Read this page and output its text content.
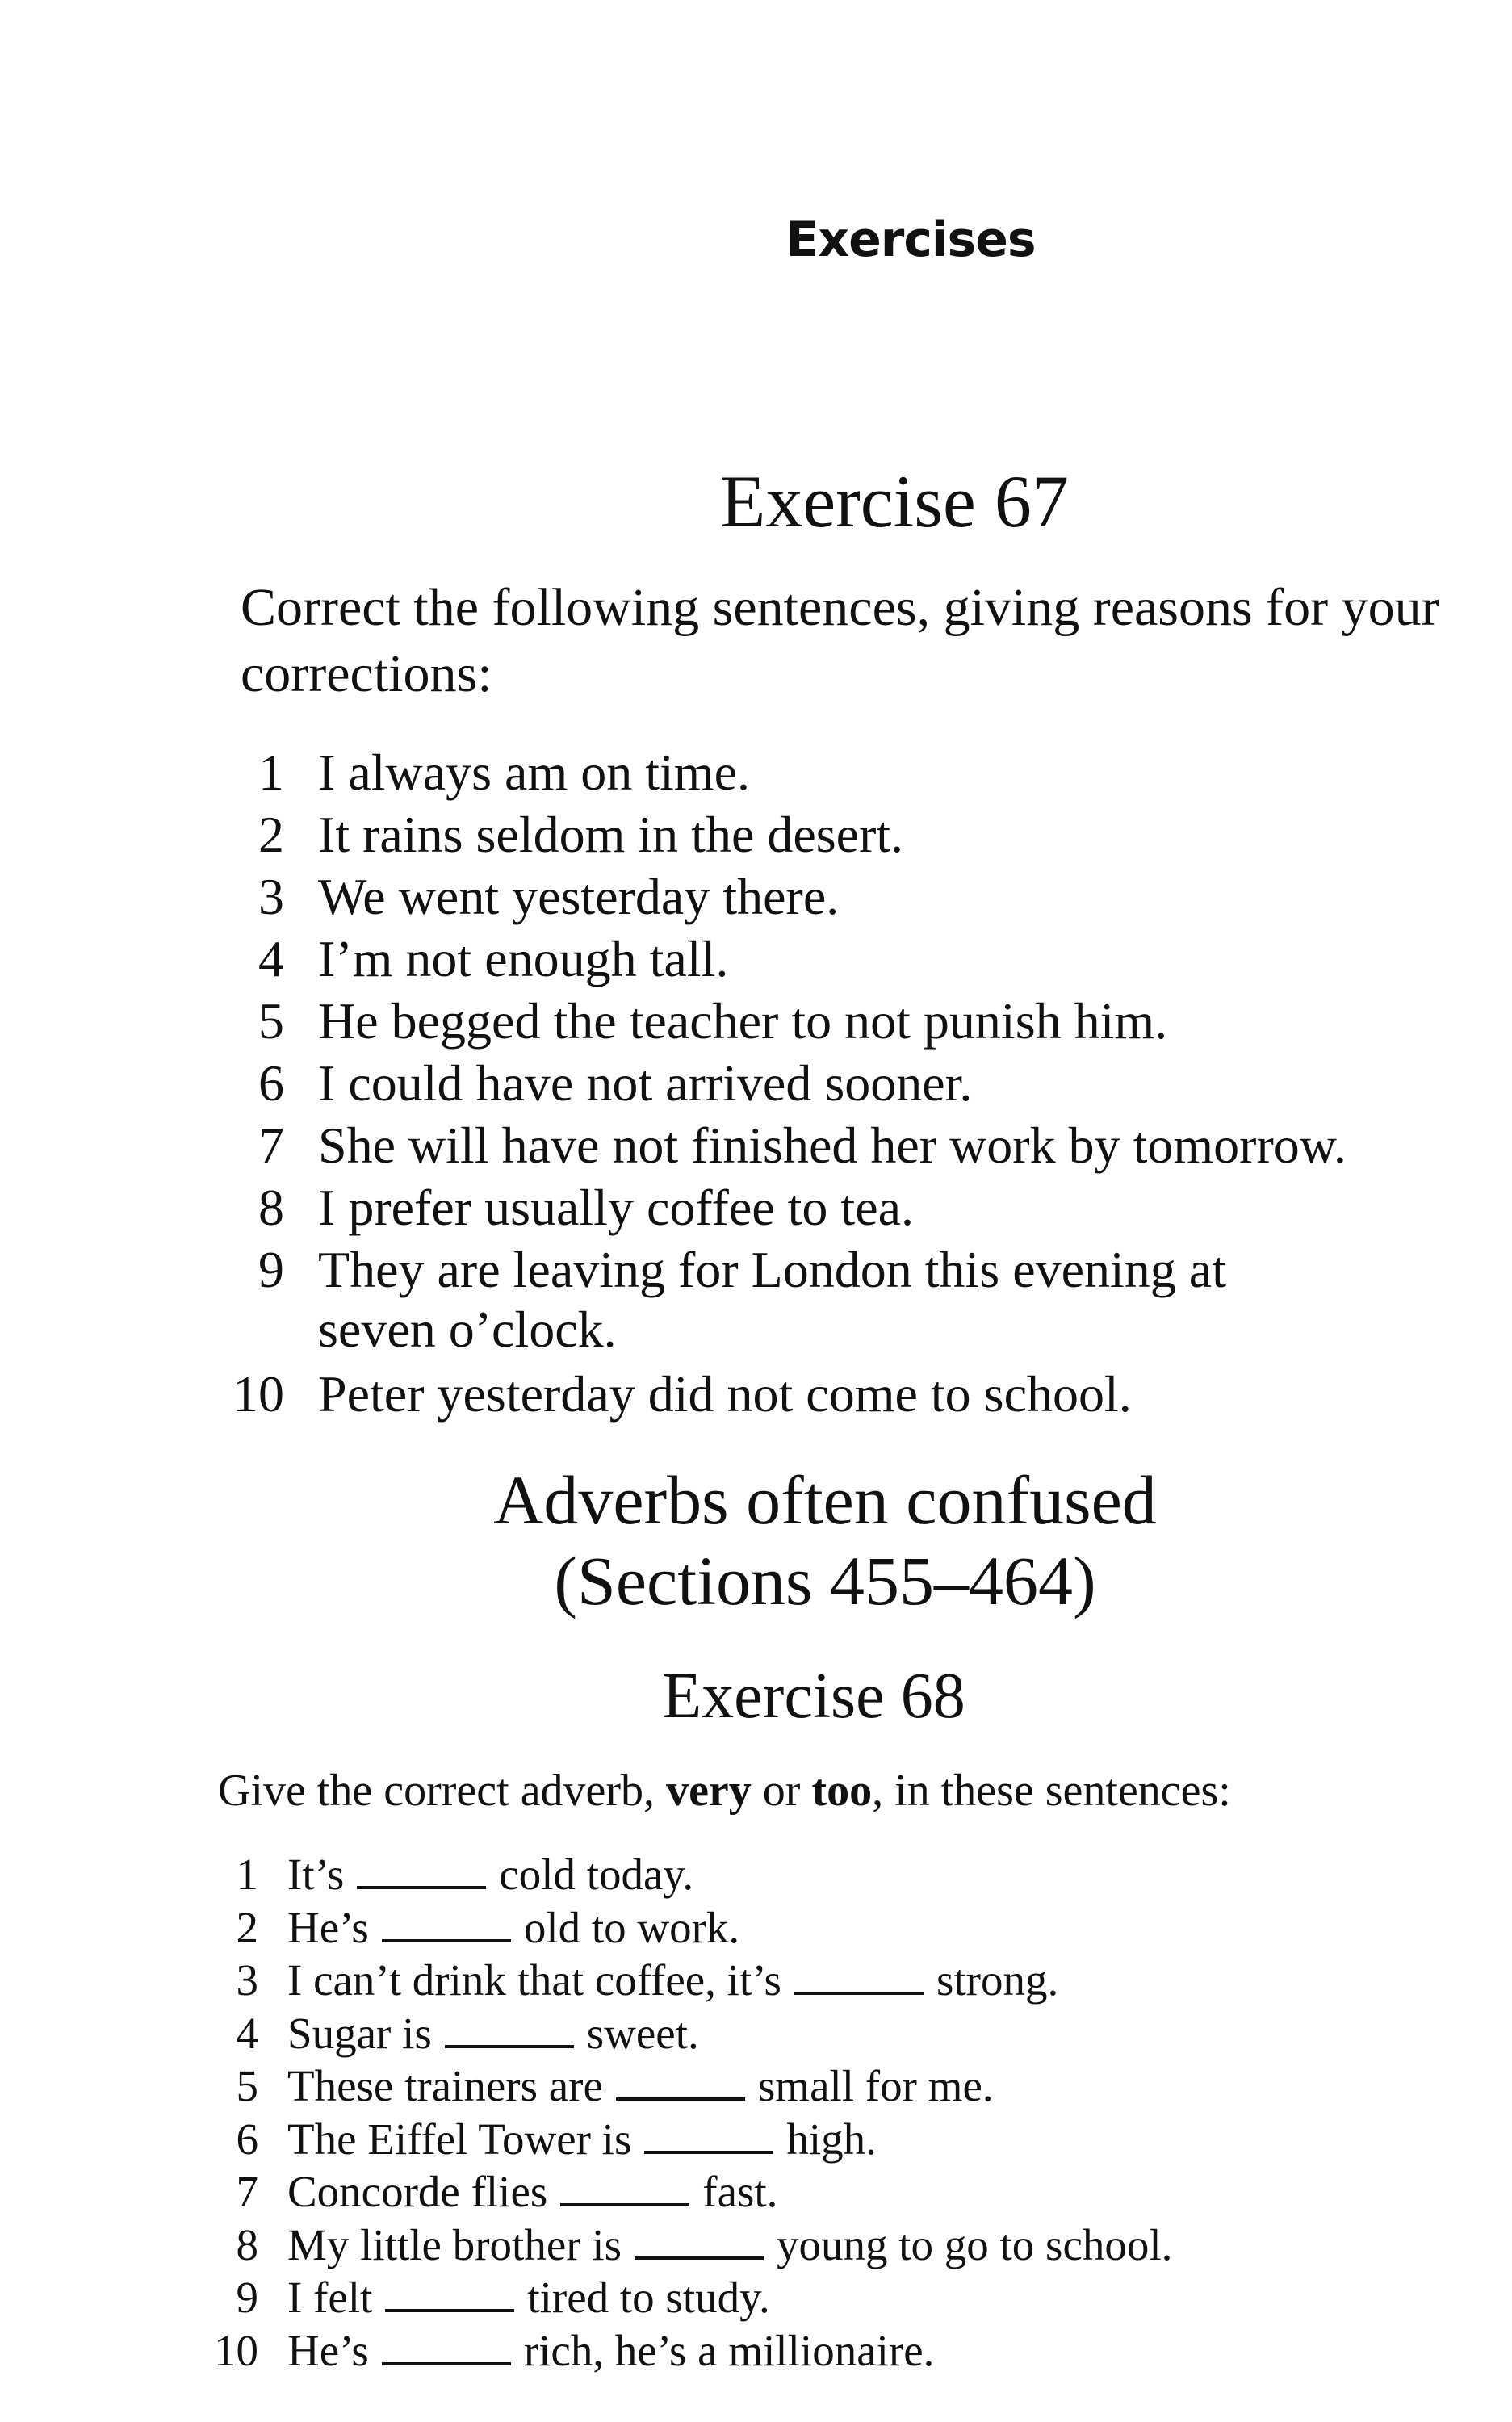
Exercises
Exercise 67
Correct the following sentences, giving reasons for your corrections:
1 I always am on time.
2 It rains seldom in the desert.
3 We went yesterday there.
4 I’m not enough tall.
5 He begged the teacher to not punish him.
6 I could have not arrived sooner.
7 She will have not finished her work by tomorrow.
8 I prefer usually coffee to tea.
9 They are leaving for London this evening at
seven o’clock.
10 Peter yesterday did not come to school.
Adverbs often confused
(Sections 455–464)
Exercise 68
Give the correct adverb, very or too, in these sentences:
1 It’s	cold today.
2 He’s	old to work.
3 I can’t drink that coffee, it’s	strong.
4 Sugar is	sweet.
5 These trainers are	small for me.
6 The Eiffel Tower is	high.
7 Concorde flies	fast.
8 My little brother is	young to go to school.
9 I felt	tired to study.
10 He’s	rich, he’s a millionaire.
